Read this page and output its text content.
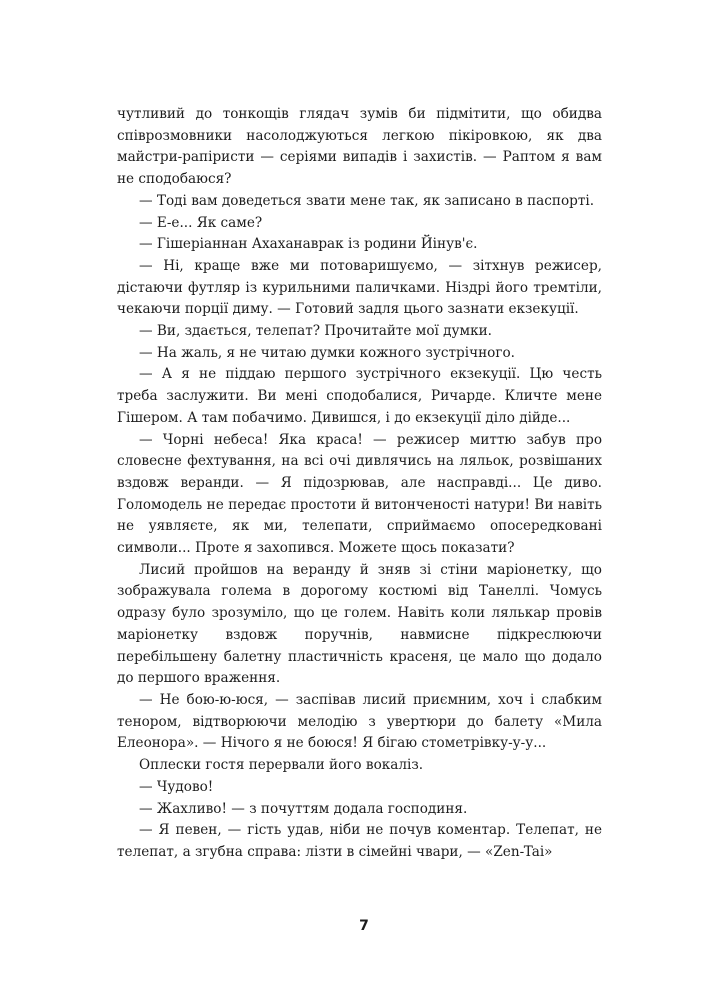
чутливий до тонкощів глядач зумів би підмітити, що обидва співрозмовники насолоджуються легкою пікіровкою, як два майстри-рапіристи — серіями випадів і захистів. — Раптом я вам не сподобаюся?

— Тоді вам доведеться звати мене так, як записано в паспорті.

— Е-е... Як саме?

— Гішеріаннан Ахаханаврак із родини Йінув'є.

— Ні, краще вже ми потоваришуємо, — зітхнув режисер, дістаючи футляр із курильними паличками. Ніздрі його тремтіли, чекаючи порції диму. — Готовий задля цього зазнати екзекуції.

— Ви, здається, телепат? Прочитайте мої думки.

— На жаль, я не читаю думки кожного зустрічного.

— А я не піддаю першого зустрічного екзекуції. Цю честь треба заслужити. Ви мені сподобалися, Ричарде. Кличте мене Гішером. А там побачимо. Дивишся, і до екзекуції діло дійде...

— Чорні небеса! Яка краса! — режисер миттю забув про словесне фехтування, на всі очі дивлячись на ляльок, розвішаних вздовж веранди. — Я підозрював, але насправді... Це диво. Голомодель не передає простоти й витонченості натури! Ви навіть не уявляєте, як ми, телепати, сприймаємо опосередковані символи... Проте я захопився. Можете щось показати?

Лисий пройшов на веранду й зняв зі стіни маріонетку, що зображувала голема в дорогому костюмі від Танеллі. Чомусь одразу було зрозуміло, що це голем. Навіть коли лялькар провів маріонетку вздовж поручнів, навмисне підкреслюючи перебільшену балетну пластичність красеня, це мало що додало до першого враження.

— Не бою-ю-юся, — заспівав лисий приємним, хоч і слабким тенором, відтворюючи мелодію з увертюри до балету «Мила Елеонора». — Нічого я не боюся! Я бігаю стометрівку-у-у...

Оплески гостя перервали його вокаліз.

— Чудово!

— Жахливо! — з почуттям додала господиня.

— Я певен, — гість удав, ніби не почув коментар. Телепат, не телепат, а згубна справа: лізти в сімейні чвари, — «Zen-Tai»

7
